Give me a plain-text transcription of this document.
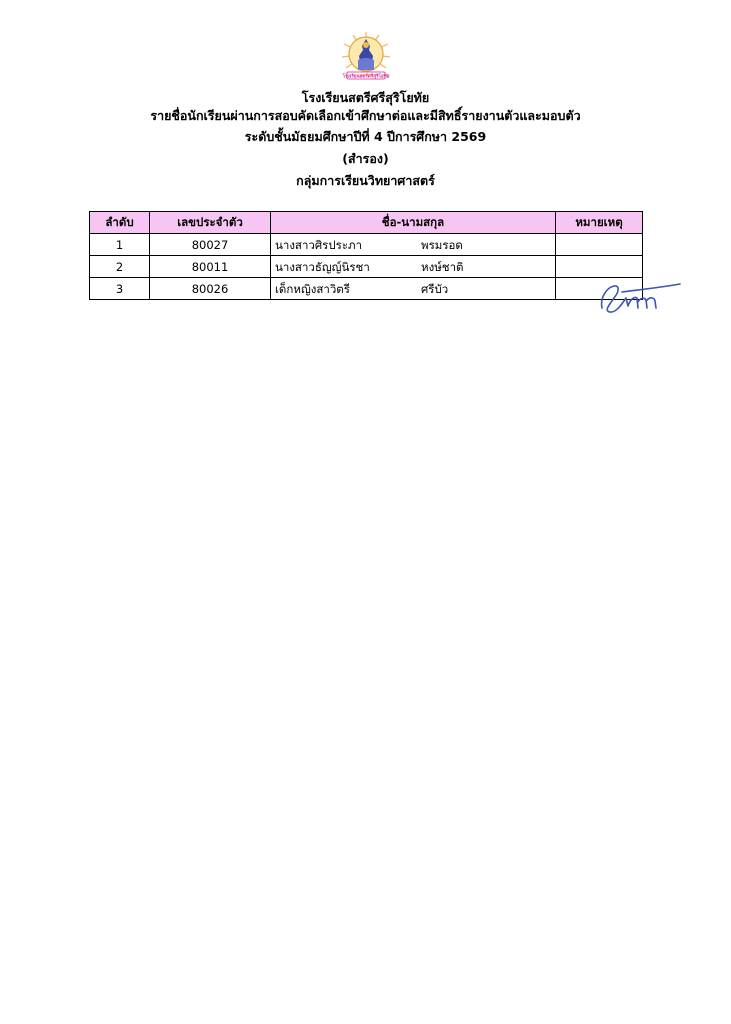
โรงเรียนสตรีศรีสุริโยทัย
โรงเรียนสตรีศรีสุริโยทัย
รายชื่อนักเรียนผ่านการสอบคัดเลือกเข้าศึกษาต่อและมีสิทธิ์รายงานตัวและมอบตัว
ระดับชั้นมัธยมศึกษาปีที่ 4 ปีการศึกษา 2569
(สำรอง)
กลุ่มการเรียนวิทยาศาสตร์
ลำดับ	เลขประจำตัว	ชื่อ-นามสกุล	หมายเหตุ
1	80027	นางสาวศิรประภา พรมรอด	

2	80011	นางสาวธัญญ์นิรชา หงษ์ชาติ	

3	80026	เด็กหญิงสาวิตรี ศรีบัว	
